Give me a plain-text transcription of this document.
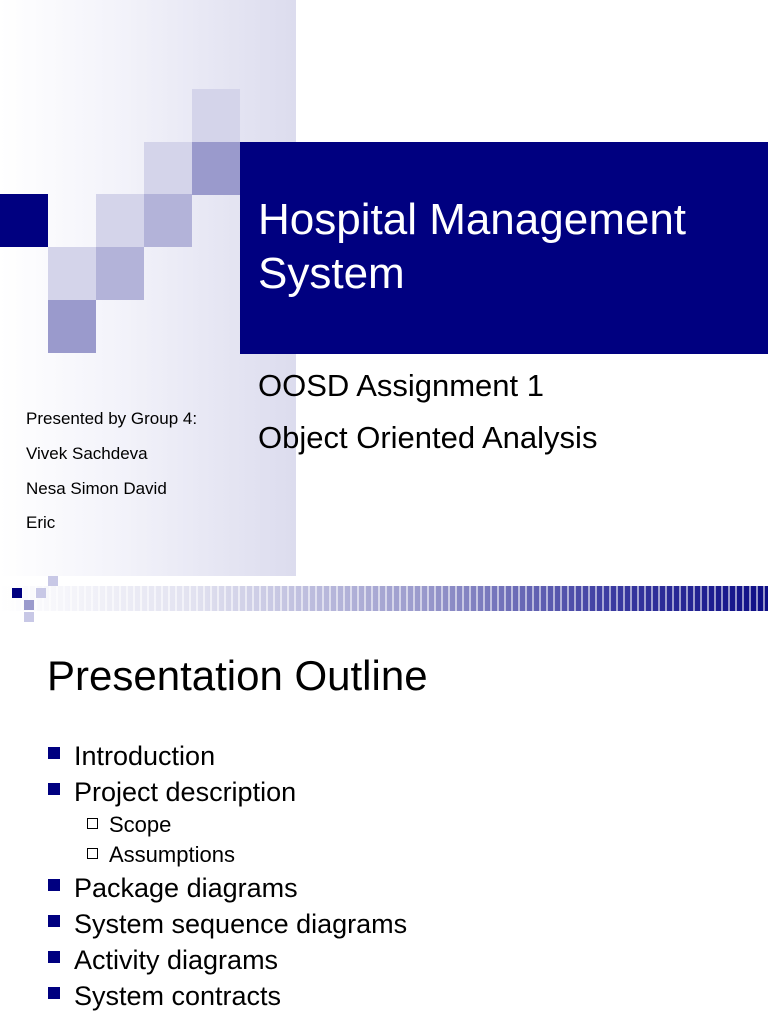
Hospital Management
System
OOSD Assignment 1
Object Oriented Analysis
Presented by Group 4:
Vivek Sachdeva
Nesa Simon David
Eric
Presentation Outline
Introduction
Project description
Scope
Assumptions
Package diagrams
System sequence diagrams
Activity diagrams
System contracts
